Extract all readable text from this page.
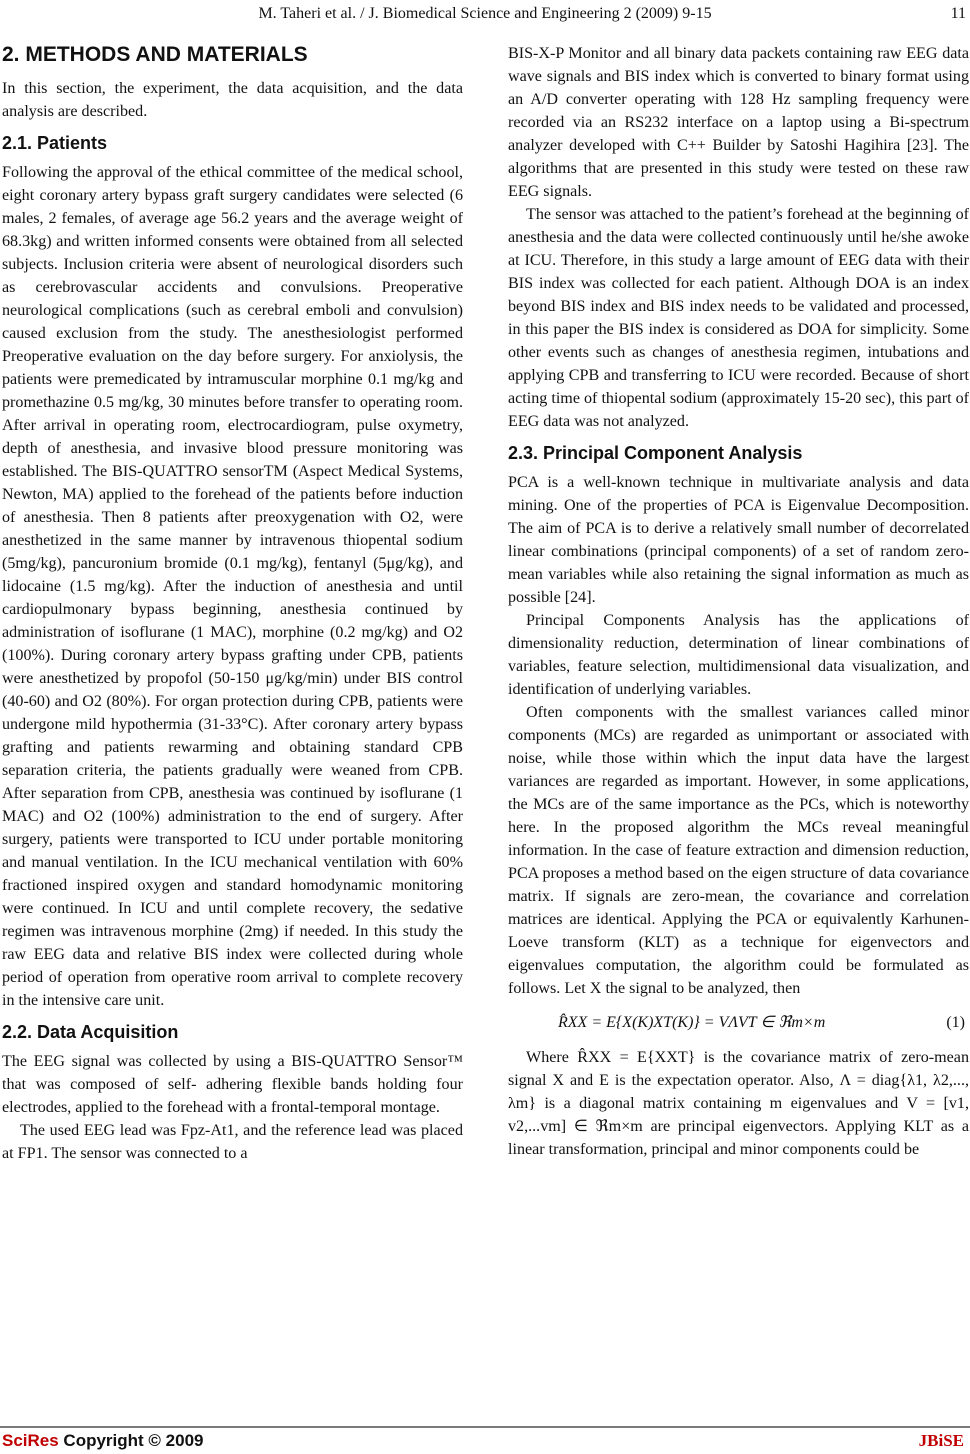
M. Taheri et al. / J. Biomedical Science and Engineering 2 (2009) 9-15	11
2. METHODS AND MATERIALS

In this section, the experiment, the data acquisition, and the data analysis are described.

2.1. Patients

Following the approval of the ethical committee of the medical school, eight coronary artery bypass graft surgery candidates were selected (6 males, 2 females, of average age 56.2 years and the average weight of 68.3kg) and written informed consents were obtained from all selected subjects. Inclusion criteria were absent of neurological disorders such as cerebrovascular accidents and convulsions. Preoperative neurological complications (such as cerebral emboli and convulsion) caused exclusion from the study. The anesthesiologist performed Preoperative evaluation on the day before surgery. For anxiolysis, the patients were premedicated by intramuscular morphine 0.1 mg/kg and promethazine 0.5 mg/kg, 30 minutes before transfer to operating room. After arrival in operating room, electrocardiogram, pulse oxymetry, depth of anesthesia, and invasive blood pressure monitoring was established. The BIS-QUATTRO sensorTM (Aspect Medical Systems, Newton, MA) applied to the forehead of the patients before induction of anesthesia. Then 8 patients after preoxygenation with O2, were anesthetized in the same manner by intravenous thiopental sodium (5mg/kg), pancuronium bromide (0.1 mg/kg), fentanyl (5μg/kg), and lidocaine (1.5 mg/kg). After the induction of anesthesia and until cardiopulmonary bypass beginning, anesthesia continued by administration of isoflurane (1 MAC), morphine (0.2 mg/kg) and O2 (100%). During coronary artery bypass grafting under CPB, patients were anesthetized by propofol (50-150 μg/kg/min) under BIS control (40-60) and O2 (80%). For organ protection during CPB, patients were undergone mild hypothermia (31-33°C). After coronary artery bypass grafting and patients rewarming and obtaining standard CPB separation criteria, the patients gradually were weaned from CPB. After separation from CPB, anesthesia was continued by isoflurane (1 MAC) and O2 (100%) administration to the end of surgery. After surgery, patients were transported to ICU under portable monitoring and manual ventilation. In the ICU mechanical ventilation with 60% fractioned inspired oxygen and standard homodynamic monitoring were continued. In ICU and until complete recovery, the sedative regimen was intravenous morphine (2mg) if needed. In this study the raw EEG data and relative BIS index were collected during whole period of operation from operative room arrival to complete recovery in the intensive care unit.

2.2. Data Acquisition

The EEG signal was collected by using a BIS-QUATTRO Sensor™ that was composed of self- adhering flexible bands holding four electrodes, applied to the forehead with a frontal-temporal montage.

The used EEG lead was Fpz-At1, and the reference lead was placed at FP1. The sensor was connected to a

BIS-X-P Monitor and all binary data packets containing raw EEG data wave signals and BIS index which is converted to binary format using an A/D converter operating with 128 Hz sampling frequency were recorded via an RS232 interface on a laptop using a Bi-spectrum analyzer developed with C++ Builder by Satoshi Hagihira [23]. The algorithms that are presented in this study were tested on these raw EEG signals.

The sensor was attached to the patient’s forehead at the beginning of anesthesia and the data were collected continuously until he/she awoke at ICU. Therefore, in this study a large amount of EEG data with their BIS index was collected for each patient. Although DOA is an index beyond BIS index and BIS index needs to be validated and processed, in this paper the BIS index is considered as DOA for simplicity. Some other events such as changes of anesthesia regimen, intubations and applying CPB and transferring to ICU were recorded. Because of short acting time of thiopental sodium (approximately 15-20 sec), this part of EEG data was not analyzed.

2.3. Principal Component Analysis

PCA is a well-known technique in multivariate analysis and data mining. One of the properties of PCA is Eigenvalue Decomposition. The aim of PCA is to derive a relatively small number of decorrelated linear combinations (principal components) of a set of random zero-mean variables while also retaining the signal information as much as possible [24].

Principal Components Analysis has the applications of dimensionality reduction, determination of linear combinations of variables, feature selection, multidimensional data visualization, and identification of underlying variables.

Often components with the smallest variances called minor components (MCs) are regarded as unimportant or associated with noise, while those within which the input data have the largest variances are regarded as important. However, in some applications, the MCs are of the same importance as the PCs, which is noteworthy here. In the proposed algorithm the MCs reveal meaningful information. In the case of feature extraction and dimension reduction, PCA proposes a method based on the eigen structure of data covariance matrix. If signals are zero-mean, the covariance and correlation matrices are identical. Applying the PCA or equivalently Karhunen-Loeve transform (KLT) as a technique for eigenvectors and eigenvalues computation, the algorithm could be formulated as follows. Let X the signal to be analyzed, then

R̂XX = E{X(K)XT(K)} = VΛVT ∈ ℜm×m	(1)

Where R̂XX = E{XXT} is the covariance matrix of zero-mean signal X and E is the expectation operator. Also, Λ = diag{λ1, λ2,..., λm} is a diagonal matrix containing m eigenvalues and V = [v1, v2,...vm] ∈ ℜm×m are principal eigenvectors. Applying KLT as a linear transformation, principal and minor components could be

SciRes Copyright © 2009	JBiSE
